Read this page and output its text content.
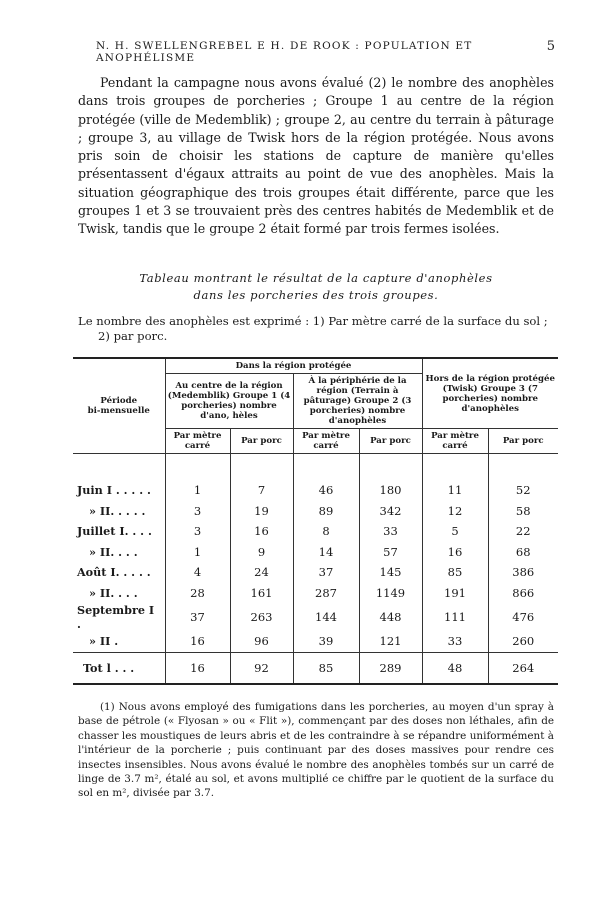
N. H. SWELLENGREBEL E H. DE ROOK : POPULATION ET ANOPHÉLISME
5

Pendant la campagne nous avons évalué (2) le nombre des anophèles dans trois groupes de porcheries ; Groupe 1 au centre de la région protégée (ville de Medemblik) ; groupe 2, au centre du terrain à pâturage ; groupe 3, au village de Twisk hors de la région protégée. Nous avons pris soin de choisir les stations de capture de manière qu'elles présentassent d'égaux attraits au point de vue des anophèles. Mais la situation géographique des trois groupes était différente, parce que les groupes 1 et 3 se trouvaient près des centres habités de Medemblik et de Twisk, tandis que le groupe 2 était formé par trois fermes isolées.

Tableau montrant le résultat de la capture d'anophèles
dans les porcheries des trois groupes.
Le nombre des anophèles est exprimé : 1) Par mètre carré de la surface du sol ;
2) par porc.
Période
bi-mensuelle	Dans la région protégée				Hors de la région protégée (Twisk) Groupe 3 (7 porcheries) nombre d'anophèles	
	Au centre de la région (Medemblik) Groupe 1 (4 porcheries) nombre d'ano, hèles		À la périphérie de la région (Terrain à pâturage) Groupe 2 (3 porcheries) nombre d'anophèles			
	Par mètre carré	Par porc	Par mètre carré	Par porc	Par mètre carré	Par porc

Juin I . . . . .	1	7	46	180	11	52
» II. . . . .	3	19	89	342	12	58
Juillet I. . . .	3	16	8	33	5	22
» II. . . .	1	9	14	57	16	68
Août I. . . . .	4	24	37	145	85	386
» II. . . .	28	161	287	1149	191	866
Septembre I .	37	263	144	448	111	476
» II .	16	96	39	121	33	260
Tot l . . .	16	92	85	289	48	264

(1) Nous avons employé des fumigations dans les porcheries, au moyen d'un spray à base de pétrole (« Flyosan » ou « Flit »), commençant par des doses non léthales, afin de chasser les moustiques de leurs abris et de les contraindre à se répandre uniformément à l'intérieur de la porcherie ; puis continuant par des doses massives pour rendre ces insectes insensibles. Nous avons évalué le nombre des anophèles tombés sur un carré de linge de 3.7 m², étalé au sol, et avons multiplié ce chiffre par le quotient de la surface du sol en m², divisée par 3.7.
